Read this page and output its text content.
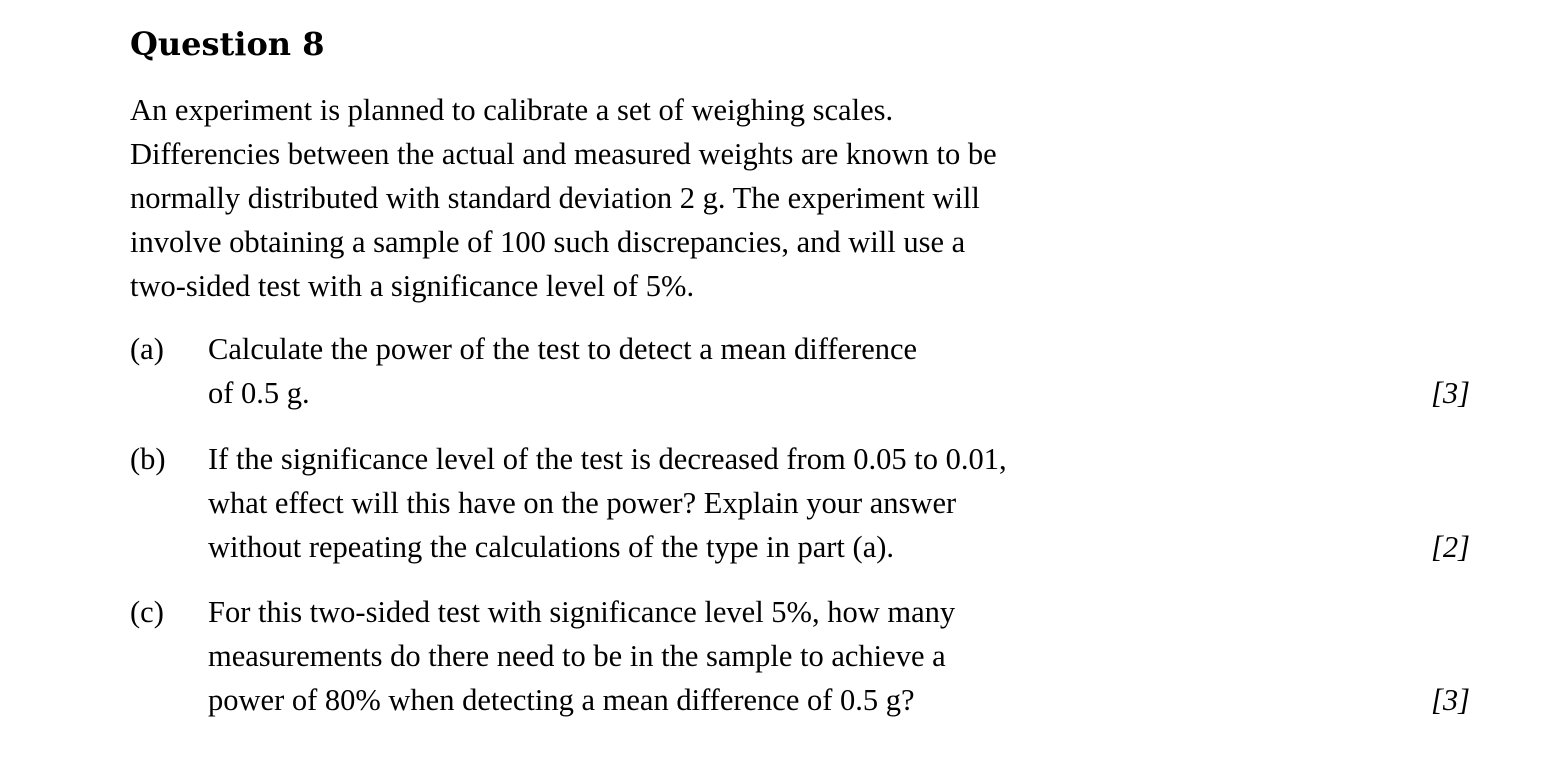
Question 8
An experiment is planned to calibrate a set of weighing scales.
Differencies between the actual and measured weights are known to be
normally distributed with standard deviation 2 g. The experiment will
involve obtaining a sample of 100 such discrepancies, and will use a
two-sided test with a significance level of 5%.
(a) Calculate the power of the test to detect a mean difference
of 0.5 g.	[3]
(b) If the significance level of the test is decreased from 0.05 to 0.01,
what effect will this have on the power? Explain your answer
without repeating the calculations of the type in part (a).	[2]
(c) For this two-sided test with significance level 5%, how many
measurements do there need to be in the sample to achieve a
power of 80% when detecting a mean difference of 0.5 g?	[3]
